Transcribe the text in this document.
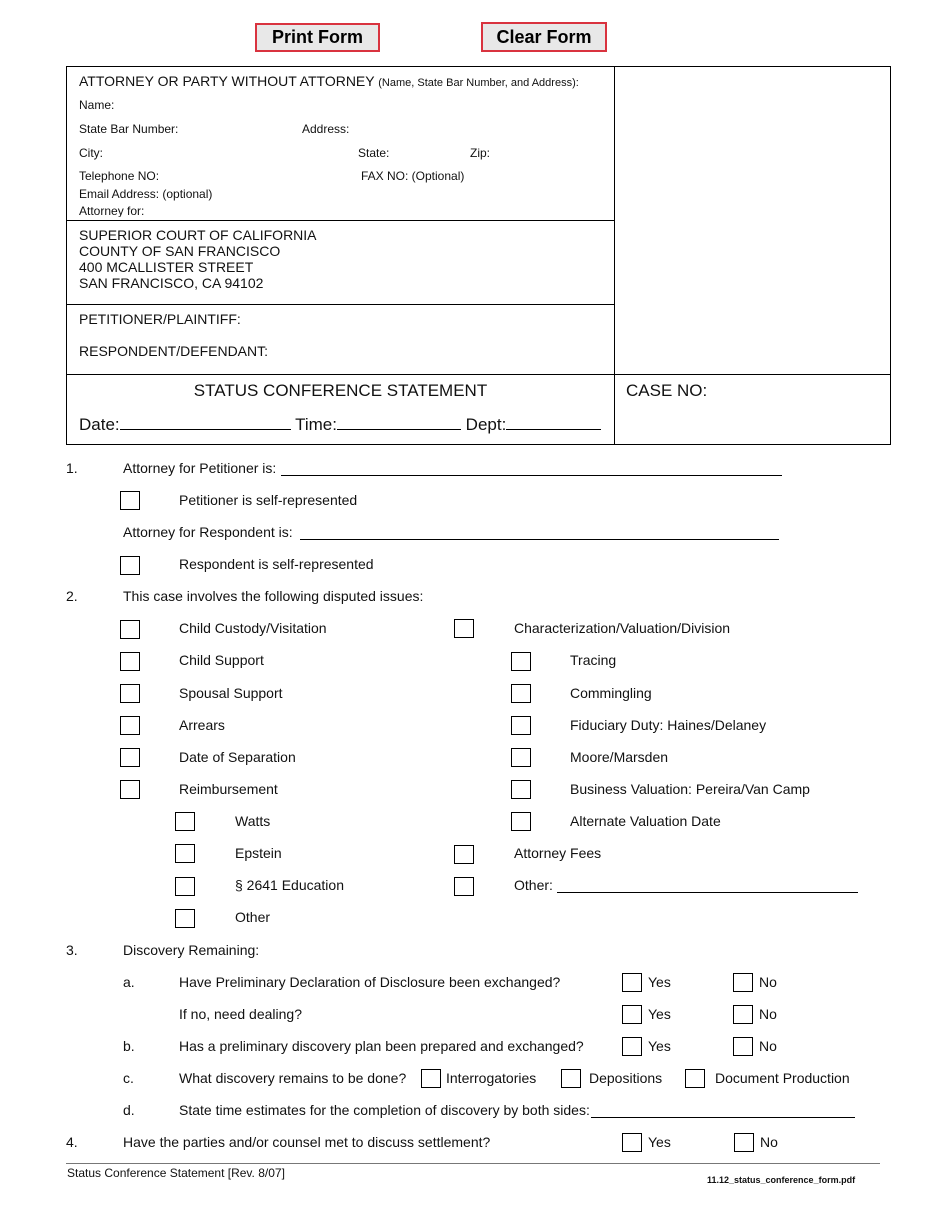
Print Form	Clear Form
ATTORNEY OR PARTY WITHOUT ATTORNEY (Name, State Bar Number, and Address):
Name:
State Bar Number:	Address:
City:	State:	Zip:
Telephone NO:	FAX NO: (Optional)
Email Address: (optional)
Attorney for:
SUPERIOR COURT OF CALIFORNIA
COUNTY OF SAN FRANCISCO
400 MCALLISTER STREET
SAN FRANCISCO, CA 94102
PETITIONER/PLAINTIFF:
RESPONDENT/DEFENDANT:
STATUS CONFERENCE STATEMENT
Date:	Time:	Dept:
CASE NO:
1.	Attorney for Petitioner is:
Petitioner is self-represented
Attorney for Respondent is:
Respondent is self-represented
2.	This case involves the following disputed issues:
Child Custody/Visitation
Child Support
Spousal Support
Arrears
Date of Separation
Reimbursement
Watts
Epstein
§ 2641 Education
Other
Characterization/Valuation/Division
Tracing
Commingling
Fiduciary Duty: Haines/Delaney
Moore/Marsden
Business Valuation: Pereira/Van Camp
Alternate Valuation Date
Attorney Fees
Other:
3.	Discovery Remaining:
a.	Have Preliminary Declaration of Disclosure been exchanged?	Yes	No
If no, need dealing?	Yes	No
b.	Has a preliminary discovery plan been prepared and exchanged?	Yes	No
c.	What discovery remains to be done?	Interrogatories	Depositions	Document Production
d.	State time estimates for the completion of discovery by both sides:
4.	Have the parties and/or counsel met to discuss settlement?	Yes	No
Status Conference Statement [Rev. 8/07]	11.12_status_conference_form.pdf
